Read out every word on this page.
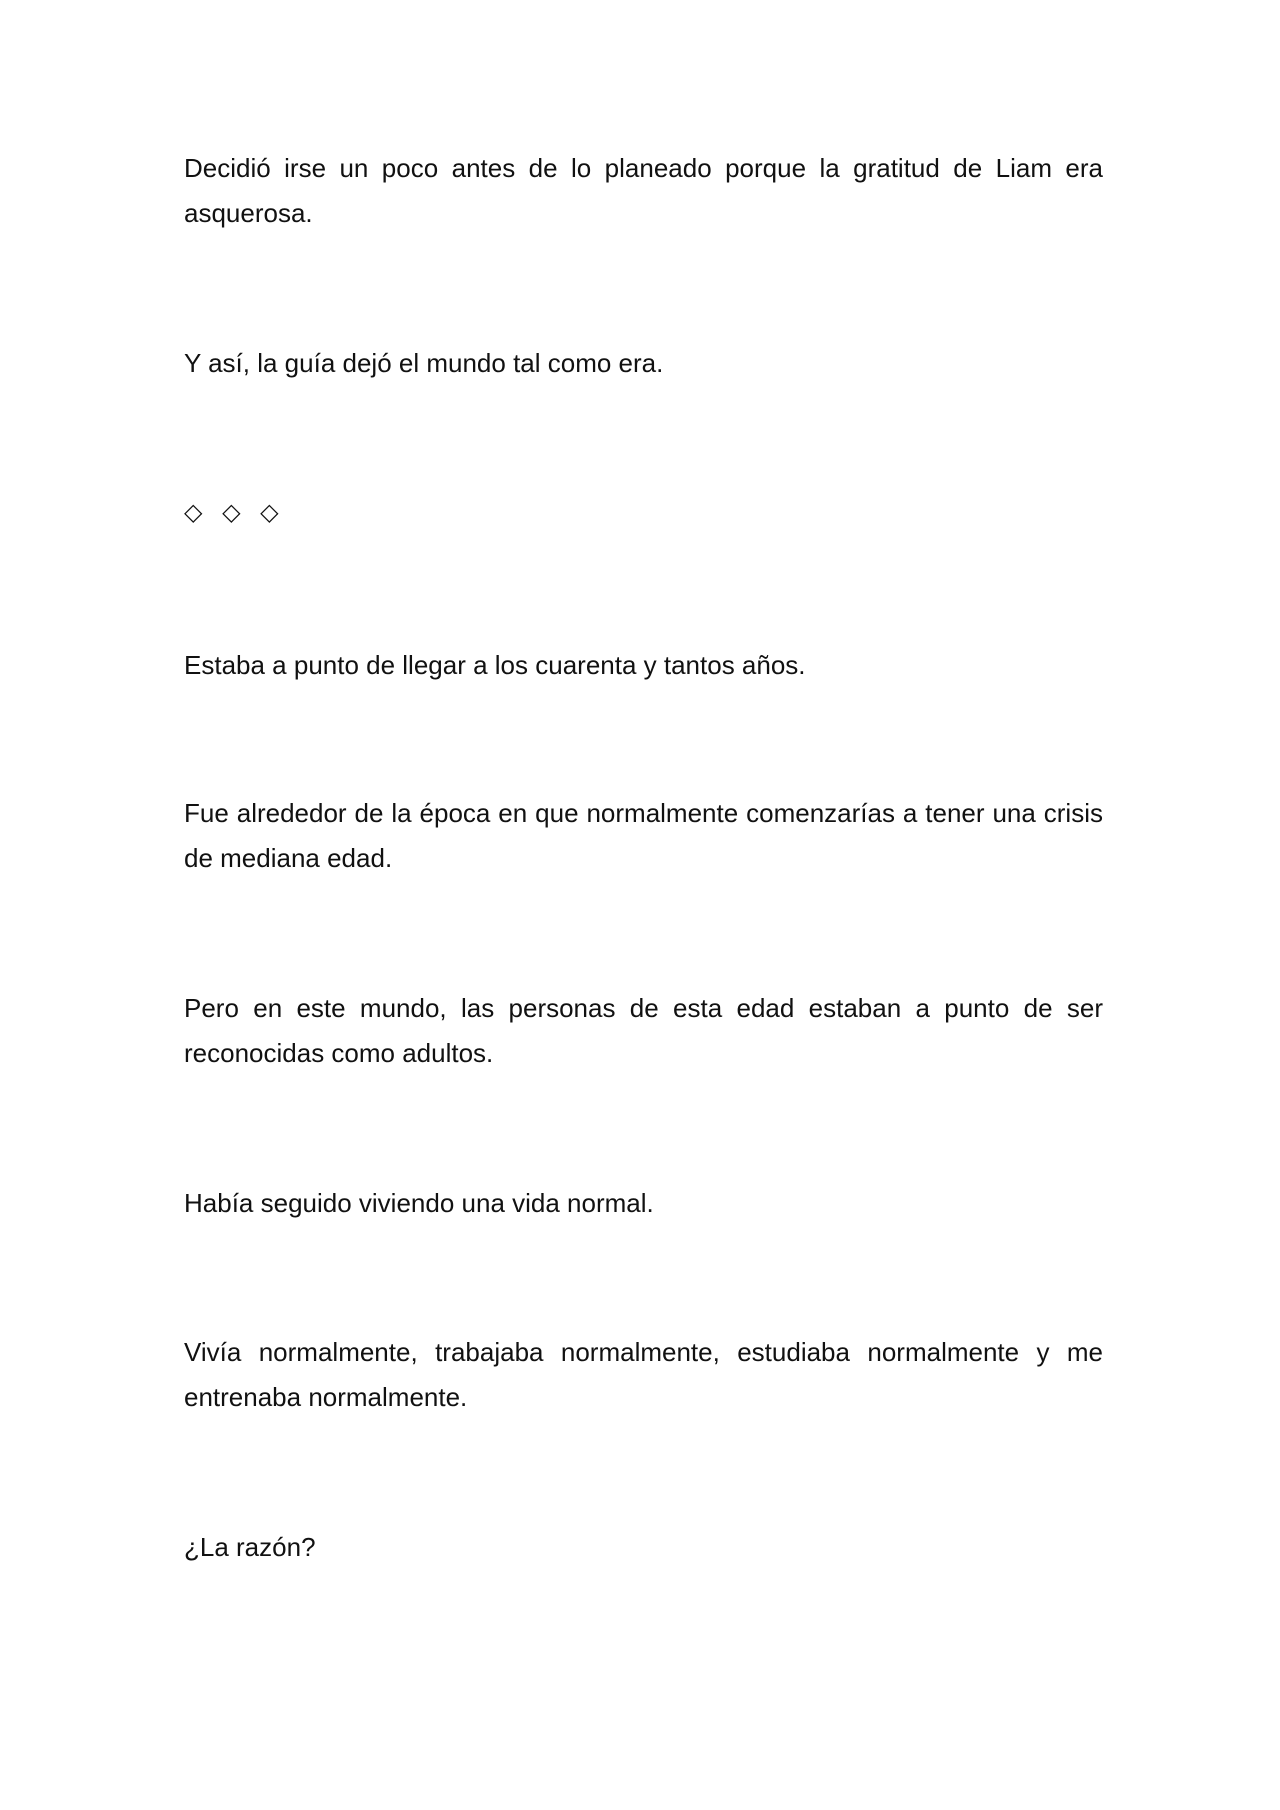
Decidió irse un poco antes de lo planeado porque la gratitud de Liam era asquerosa.

Y así, la guía dejó el mundo tal como era.

◇ ◇ ◇

Estaba a punto de llegar a los cuarenta y tantos años.

Fue alrededor de la época en que normalmente comenzarías a tener una crisis de mediana edad.

Pero en este mundo, las personas de esta edad estaban a punto de ser reconocidas como adultos.

Había seguido viviendo una vida normal.

Vivía normalmente, trabajaba normalmente, estudiaba normalmente y me entrenaba normalmente.

¿La razón?
